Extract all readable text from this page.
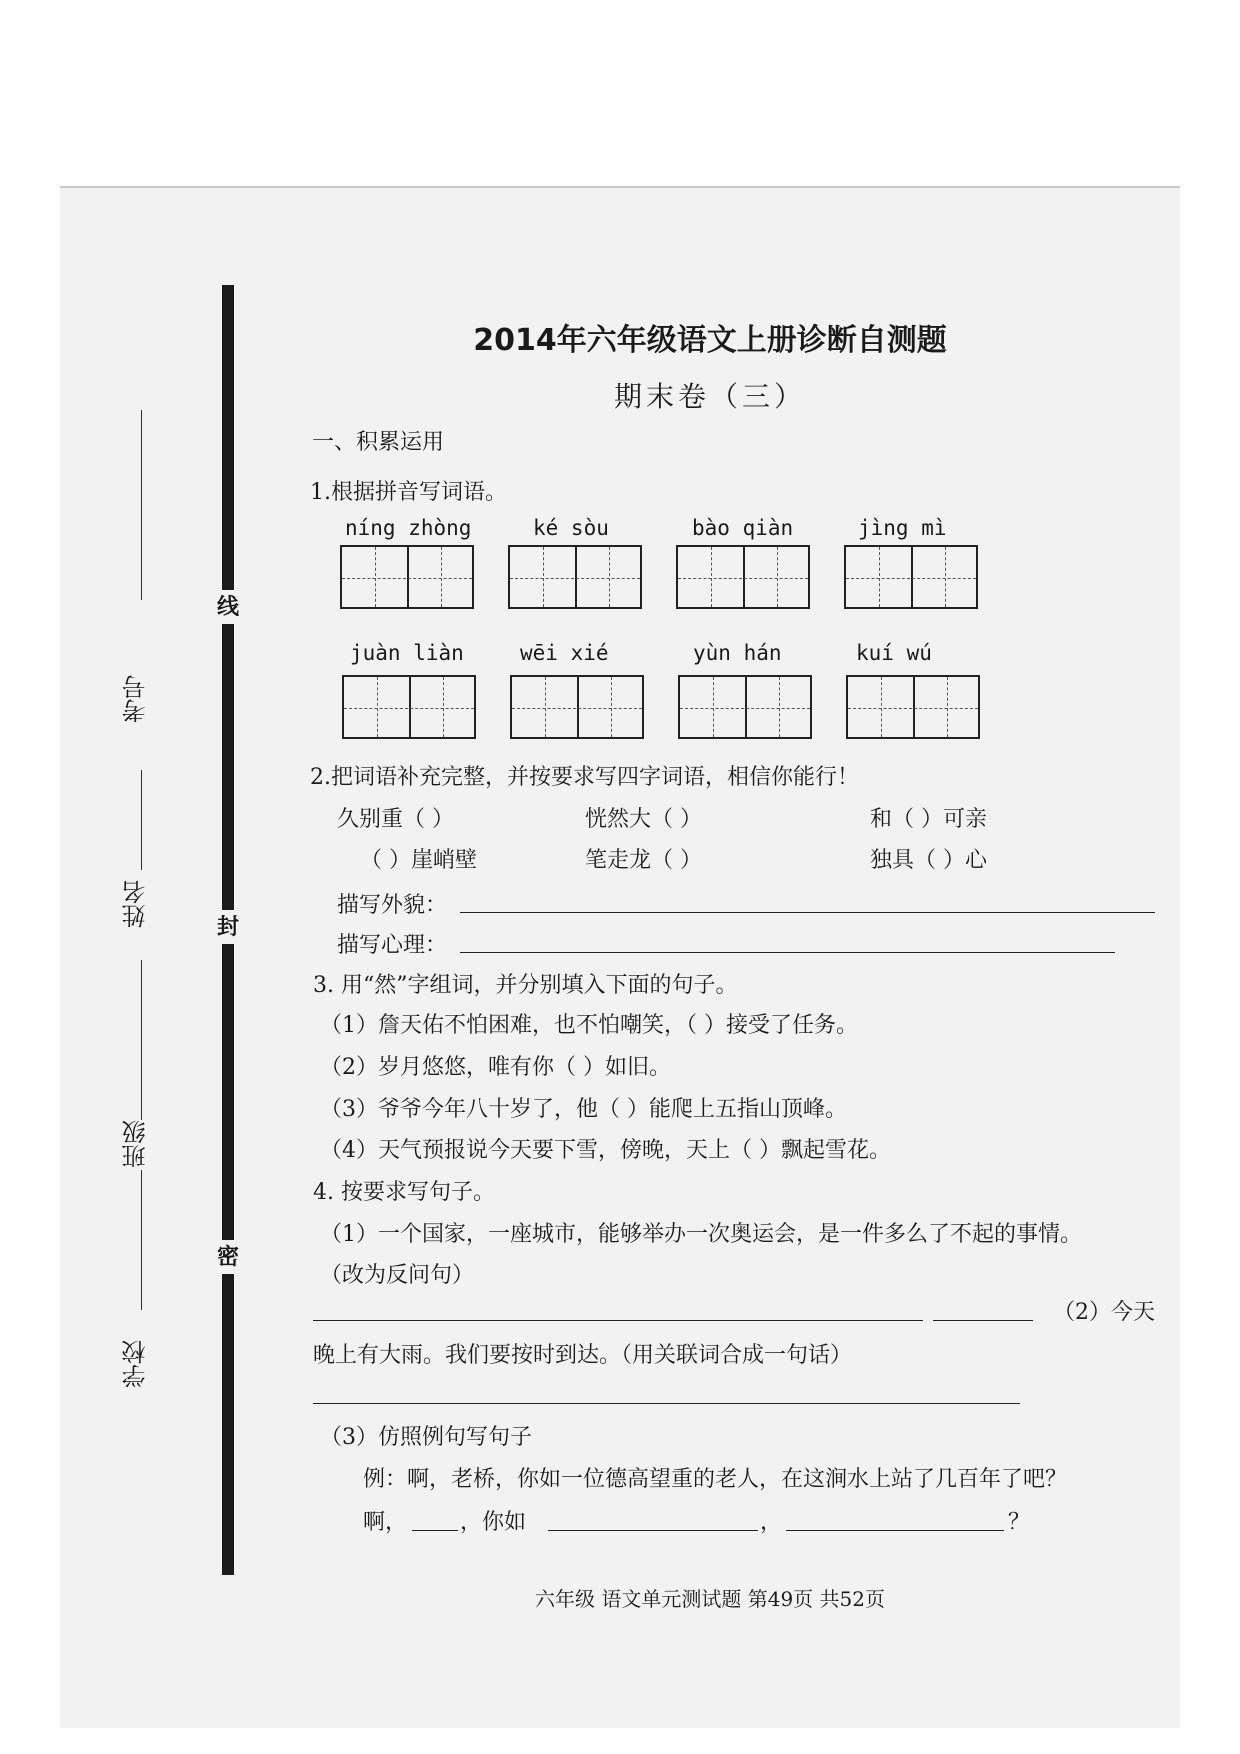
考号
姓名
班级
学校
线
封
密
2014年六年级语文上册诊断自测题
期末卷（三）
一、积累运用
1.根据拼音写词语。
níng zhòng	ké sòu	bào qiàn	jìng mì
juàn liàn	wēi xié	yùn hán	kuí wú
2.把词语补充完整，并按要求写四字词语，相信你能行！
久别重（ ）	恍然大（ ）	和（ ）可亲
（ ）崖峭壁	笔走龙（ ）	独具（ ）心
描写外貌：
描写心理：
3. 用“然”字组词，并分别填入下面的句子。
（1）詹天佑不怕困难，也不怕嘲笑，（ ）接受了任务。
（2）岁月悠悠，唯有你（ ）如旧。
（3）爷爷今年八十岁了，他（ ）能爬上五指山顶峰。
（4）天气预报说今天要下雪，傍晚，天上（ ）飘起雪花。
4. 按要求写句子。
（1）一个国家，一座城市，能够举办一次奥运会，是一件多么了不起的事情。
（改为反问句）
（2）今天
晚上有大雨。我们要按时到达。（用关联词合成一句话）
（3）仿照例句写句子
例：啊，老桥，你如一位德高望重的老人，在这涧水上站了几百年了吧？
啊， ，你如	，	？
六年级 语文单元测试题 第49页 共52页
